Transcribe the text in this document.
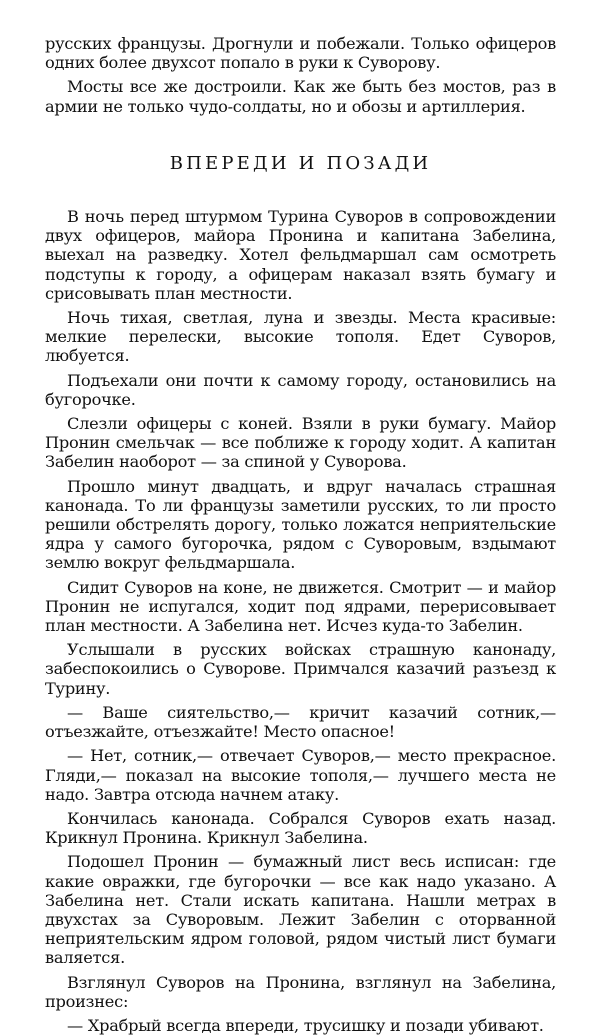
русских французы. Дрогнули и побежали. Только офицеров одних более двухсот попало в руки к Суворову.

Мосты все же достроили. Как же быть без мостов, раз в армии не только чудо-солдаты, но и обозы и артиллерия.

ВПЕРЕДИ И ПОЗАДИ

В ночь перед штурмом Турина Суворов в сопровождении двух офицеров, майора Пронина и капитана Забелина, выехал на разведку. Хотел фельдмаршал сам осмотреть подступы к городу, а офицерам наказал взять бумагу и срисовывать план местности.

Ночь тихая, светлая, луна и звезды. Места красивые: мелкие перелески, высокие тополя. Едет Суворов, любуется.

Подъехали они почти к самому городу, остановились на бугорочке.

Слезли офицеры с коней. Взяли в руки бумагу. Майор Пронин смельчак — все поближе к городу ходит. А капитан Забелин наоборот — за спиной у Суворова.

Прошло минут двадцать, и вдруг началась страшная канонада. То ли французы заметили русских, то ли просто решили обстрелять дорогу, только ложатся неприятельские ядра у самого бугорочка, рядом с Суворовым, вздымают землю вокруг фельдмаршала.

Сидит Суворов на коне, не движется. Смотрит — и майор Пронин не испугался, ходит под ядрами, перерисовывает план местности. А Забелина нет. Исчез куда-то Забелин.

Услышали в русских войсках страшную канонаду, забеспокоились о Суворове. Примчался казачий разъезд к Турину.

— Ваше сиятельство,— кричит казачий сотник,— отъезжайте, отъезжайте! Место опасное!

— Нет, сотник,— отвечает Суворов,— место прекрасное. Гляди,— показал на высокие тополя,— лучшего места не надо. Завтра отсюда начнем атаку.

Кончилась канонада. Собрался Суворов ехать назад. Крикнул Пронина. Крикнул Забелина.

Подошел Пронин — бумажный лист весь исписан: где какие овражки, где бугорочки — все как надо указано. А Забелина нет. Стали искать капитана. Нашли метрах в двухстах за Суворовым. Лежит Забелин с оторванной неприятельским ядром головой, рядом чистый лист бумаги валяется.

Взглянул Суворов на Пронина, взглянул на Забелина, произнес:

— Храбрый всегда впереди, трусишку и позади убивают.
